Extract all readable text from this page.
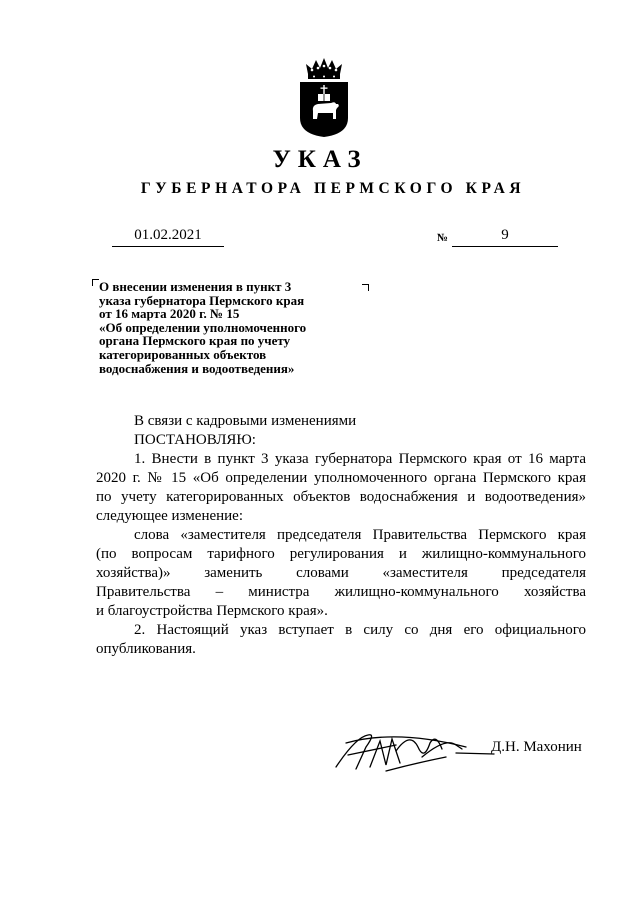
УКАЗ
ГУБЕРНАТОРА ПЕРМСКОГО КРАЯ
01.02.2021	№	9
О внесении изменения в пункт 3
указа губернатора Пермского края
от 16 марта 2020 г. № 15
«Об определении уполномоченного
органа Пермского края по учету
категорированных объектов
водоснабжения и водоотведения»
В связи с кадровыми изменениями
ПОСТАНОВЛЯЮ:
1. Внести в пункт 3 указа губернатора Пермского края от 16 марта
2020 г. № 15 «Об определении уполномоченного органа Пермского края
по учету категорированных объектов водоснабжения и водоотведения»
следующее изменение:
слова «заместителя председателя Правительства Пермского края
(по вопросам тарифного регулирования и жилищно-коммунального
хозяйства)» заменить словами «заместителя председателя
Правительства – министра жилищно-коммунального хозяйства
и благоустройства Пермского края».
2. Настоящий указ вступает в силу со дня его официального
опубликования.
Д.Н. Махонин
